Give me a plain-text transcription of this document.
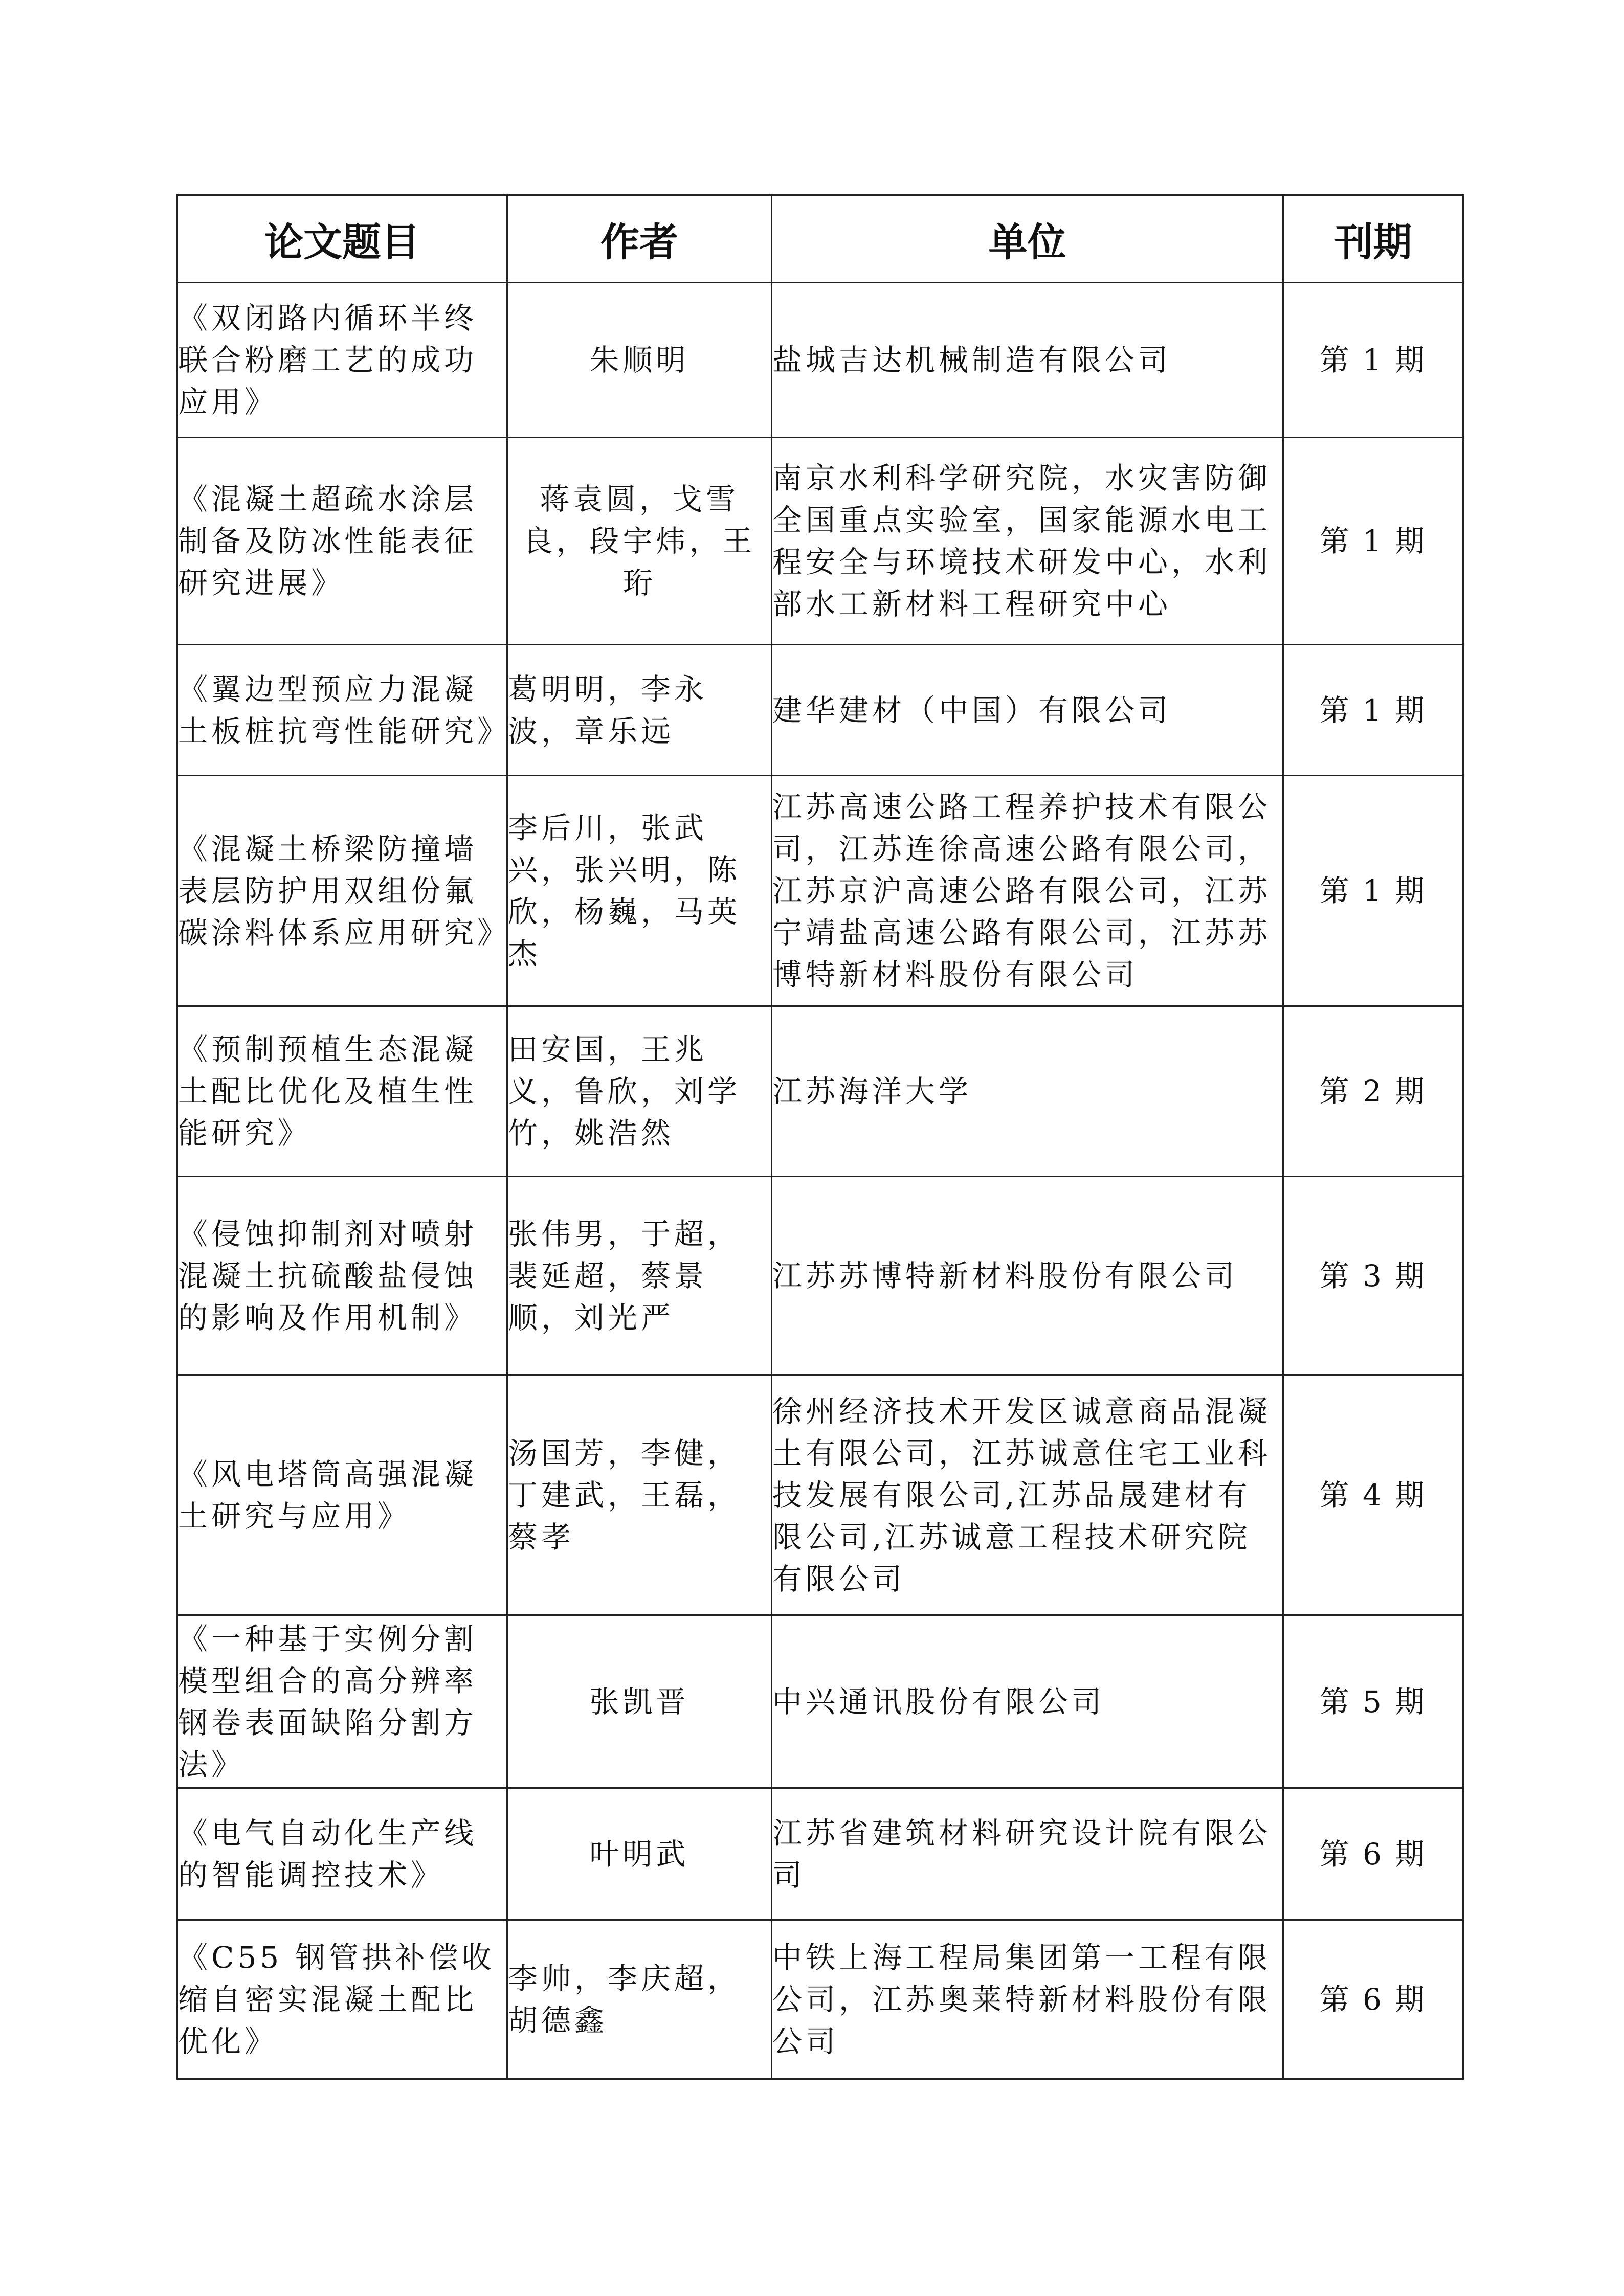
论文题目	作者	单位	刊期
《双闭路内循环半终联合粉磨工艺的成功应用》	朱顺明	盐城吉达机械制造有限公司	第 1 期
《混凝土超疏水涂层制备及防冰性能表征研究进展》	蒋袁圆，戈雪良，段宇炜，王珩	南京水利科学研究院，水灾害防御全国重点实验室，国家能源水电工程安全与环境技术研发中心，水利部水工新材料工程研究中心	第 1 期
《翼边型预应力混凝土板桩抗弯性能研究》	葛明明，李永波，章乐远	建华建材（中国）有限公司	第 1 期
《混凝土桥梁防撞墙表层防护用双组份氟碳涂料体系应用研究》	李后川，张武兴，张兴明，陈欣，杨巍，马英杰	江苏高速公路工程养护技术有限公司，江苏连徐高速公路有限公司，江苏京沪高速公路有限公司，江苏宁靖盐高速公路有限公司，江苏苏博特新材料股份有限公司	第 1 期
《预制预植生态混凝土配比优化及植生性能研究》	田安国，王兆义，鲁欣，刘学竹，姚浩然	江苏海洋大学	第 2 期
《侵蚀抑制剂对喷射混凝土抗硫酸盐侵蚀的影响及作用机制》	张伟男，于超，裴延超，蔡景顺，刘光严	江苏苏博特新材料股份有限公司	第 3 期
《风电塔筒高强混凝土研究与应用》	汤国芳，李健，丁建武，王磊，蔡孝	徐州经济技术开发区诚意商品混凝土有限公司，江苏诚意住宅工业科技发展有限公司,江苏品晟建材有限公司,江苏诚意工程技术研究院有限公司	第 4 期
《一种基于实例分割模型组合的高分辨率钢卷表面缺陷分割方法》	张凯晋	中兴通讯股份有限公司	第 5 期
《电气自动化生产线的智能调控技术》	叶明武	江苏省建筑材料研究设计院有限公司	第 6 期
《C55 钢管拱补偿收缩自密实混凝土配比优化》	李帅，李庆超，胡德鑫	中铁上海工程局集团第一工程有限公司，江苏奥莱特新材料股份有限公司	第 6 期
